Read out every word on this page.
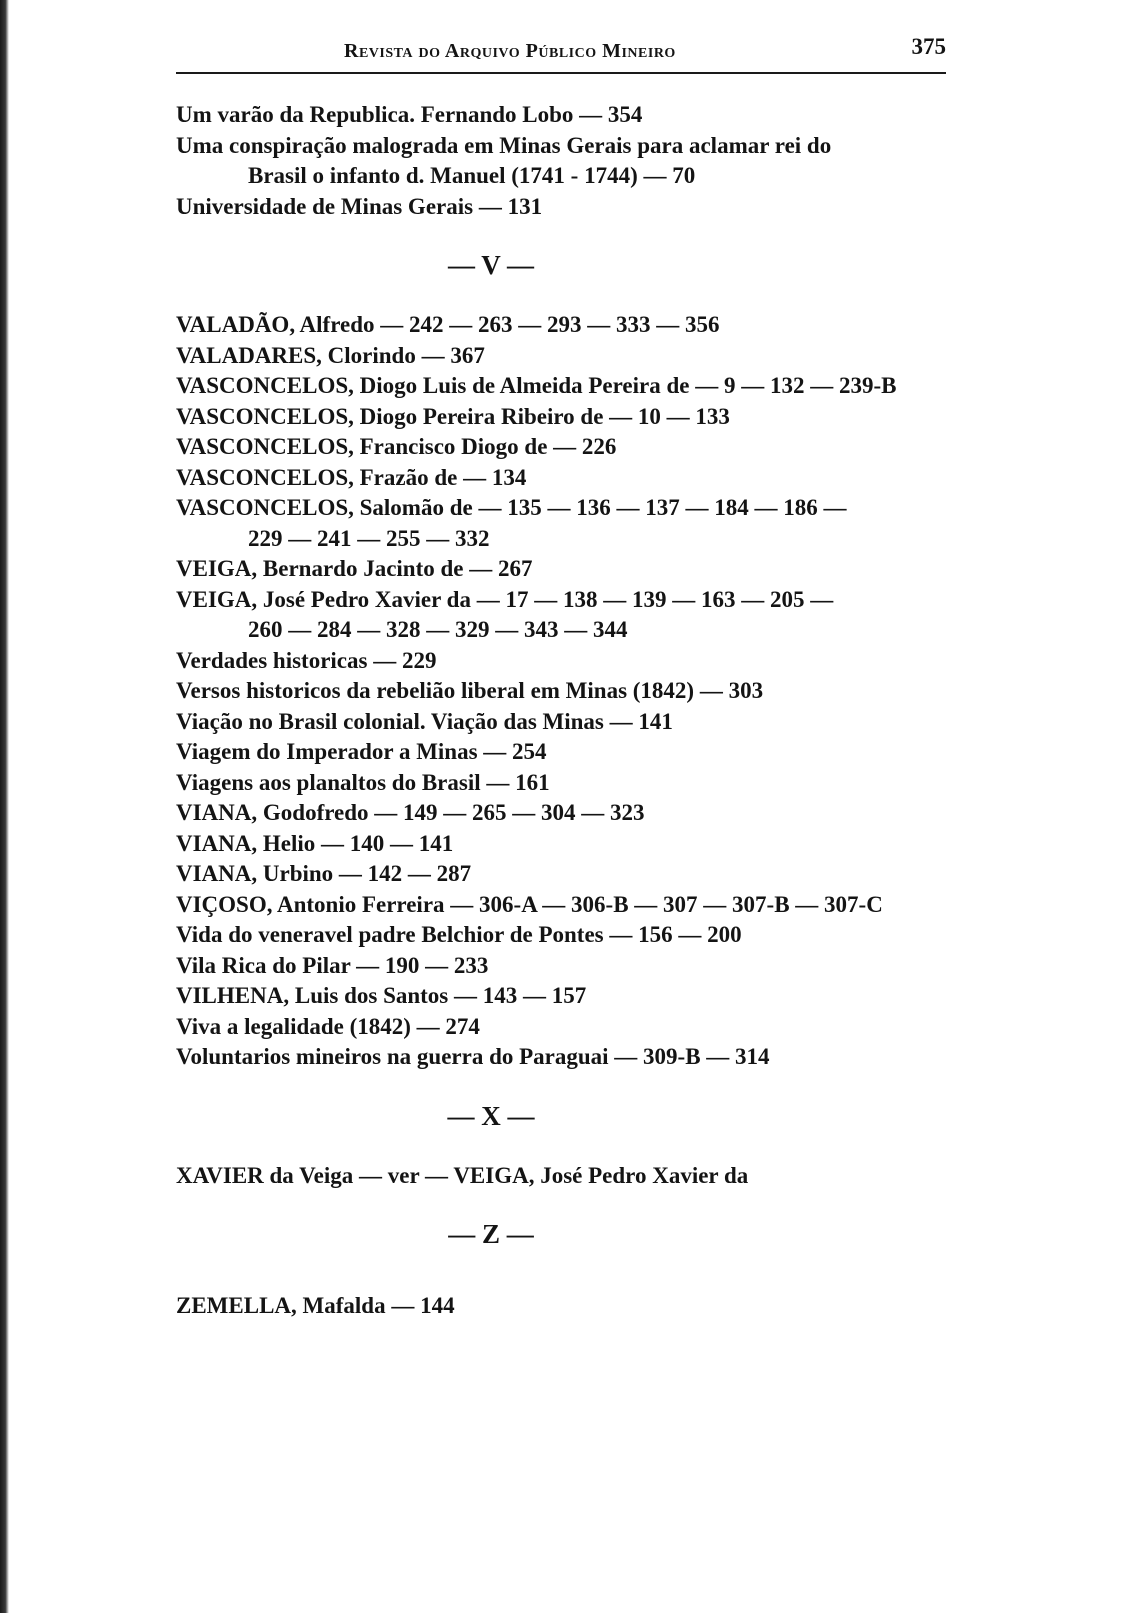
Revista do Arquivo Público Mineiro	375
Um varão da Republica. Fernando Lobo — 354
Uma conspiração malograda em Minas Gerais para aclamar rei do
Brasil o infanto d. Manuel (1741 - 1744) — 70
Universidade de Minas Gerais — 131
— V —
VALADÃO, Alfredo — 242 — 263 — 293 — 333 — 356
VALADARES, Clorindo — 367
VASCONCELOS, Diogo Luis de Almeida Pereira de — 9 — 132 — 239-B
VASCONCELOS, Diogo Pereira Ribeiro de — 10 — 133
VASCONCELOS, Francisco Diogo de — 226
VASCONCELOS, Frazão de — 134
VASCONCELOS, Salomão de — 135 — 136 — 137 — 184 — 186 —
229 — 241 — 255 — 332
VEIGA, Bernardo Jacinto de — 267
VEIGA, José Pedro Xavier da — 17 — 138 — 139 — 163 — 205 —
260 — 284 — 328 — 329 — 343 — 344
Verdades historicas — 229
Versos historicos da rebelião liberal em Minas (1842) — 303
Viação no Brasil colonial. Viação das Minas — 141
Viagem do Imperador a Minas — 254
Viagens aos planaltos do Brasil — 161
VIANA, Godofredo — 149 — 265 — 304 — 323
VIANA, Helio — 140 — 141
VIANA, Urbino — 142 — 287
VIÇOSO, Antonio Ferreira — 306-A — 306-B — 307 — 307-B — 307-C
Vida do veneravel padre Belchior de Pontes — 156 — 200
Vila Rica do Pilar — 190 — 233
VILHENA, Luis dos Santos — 143 — 157
Viva a legalidade (1842) — 274
Voluntarios mineiros na guerra do Paraguai — 309-B — 314
— X —
XAVIER da Veiga — ver — VEIGA, José Pedro Xavier da
— Z —
ZEMELLA, Mafalda — 144
